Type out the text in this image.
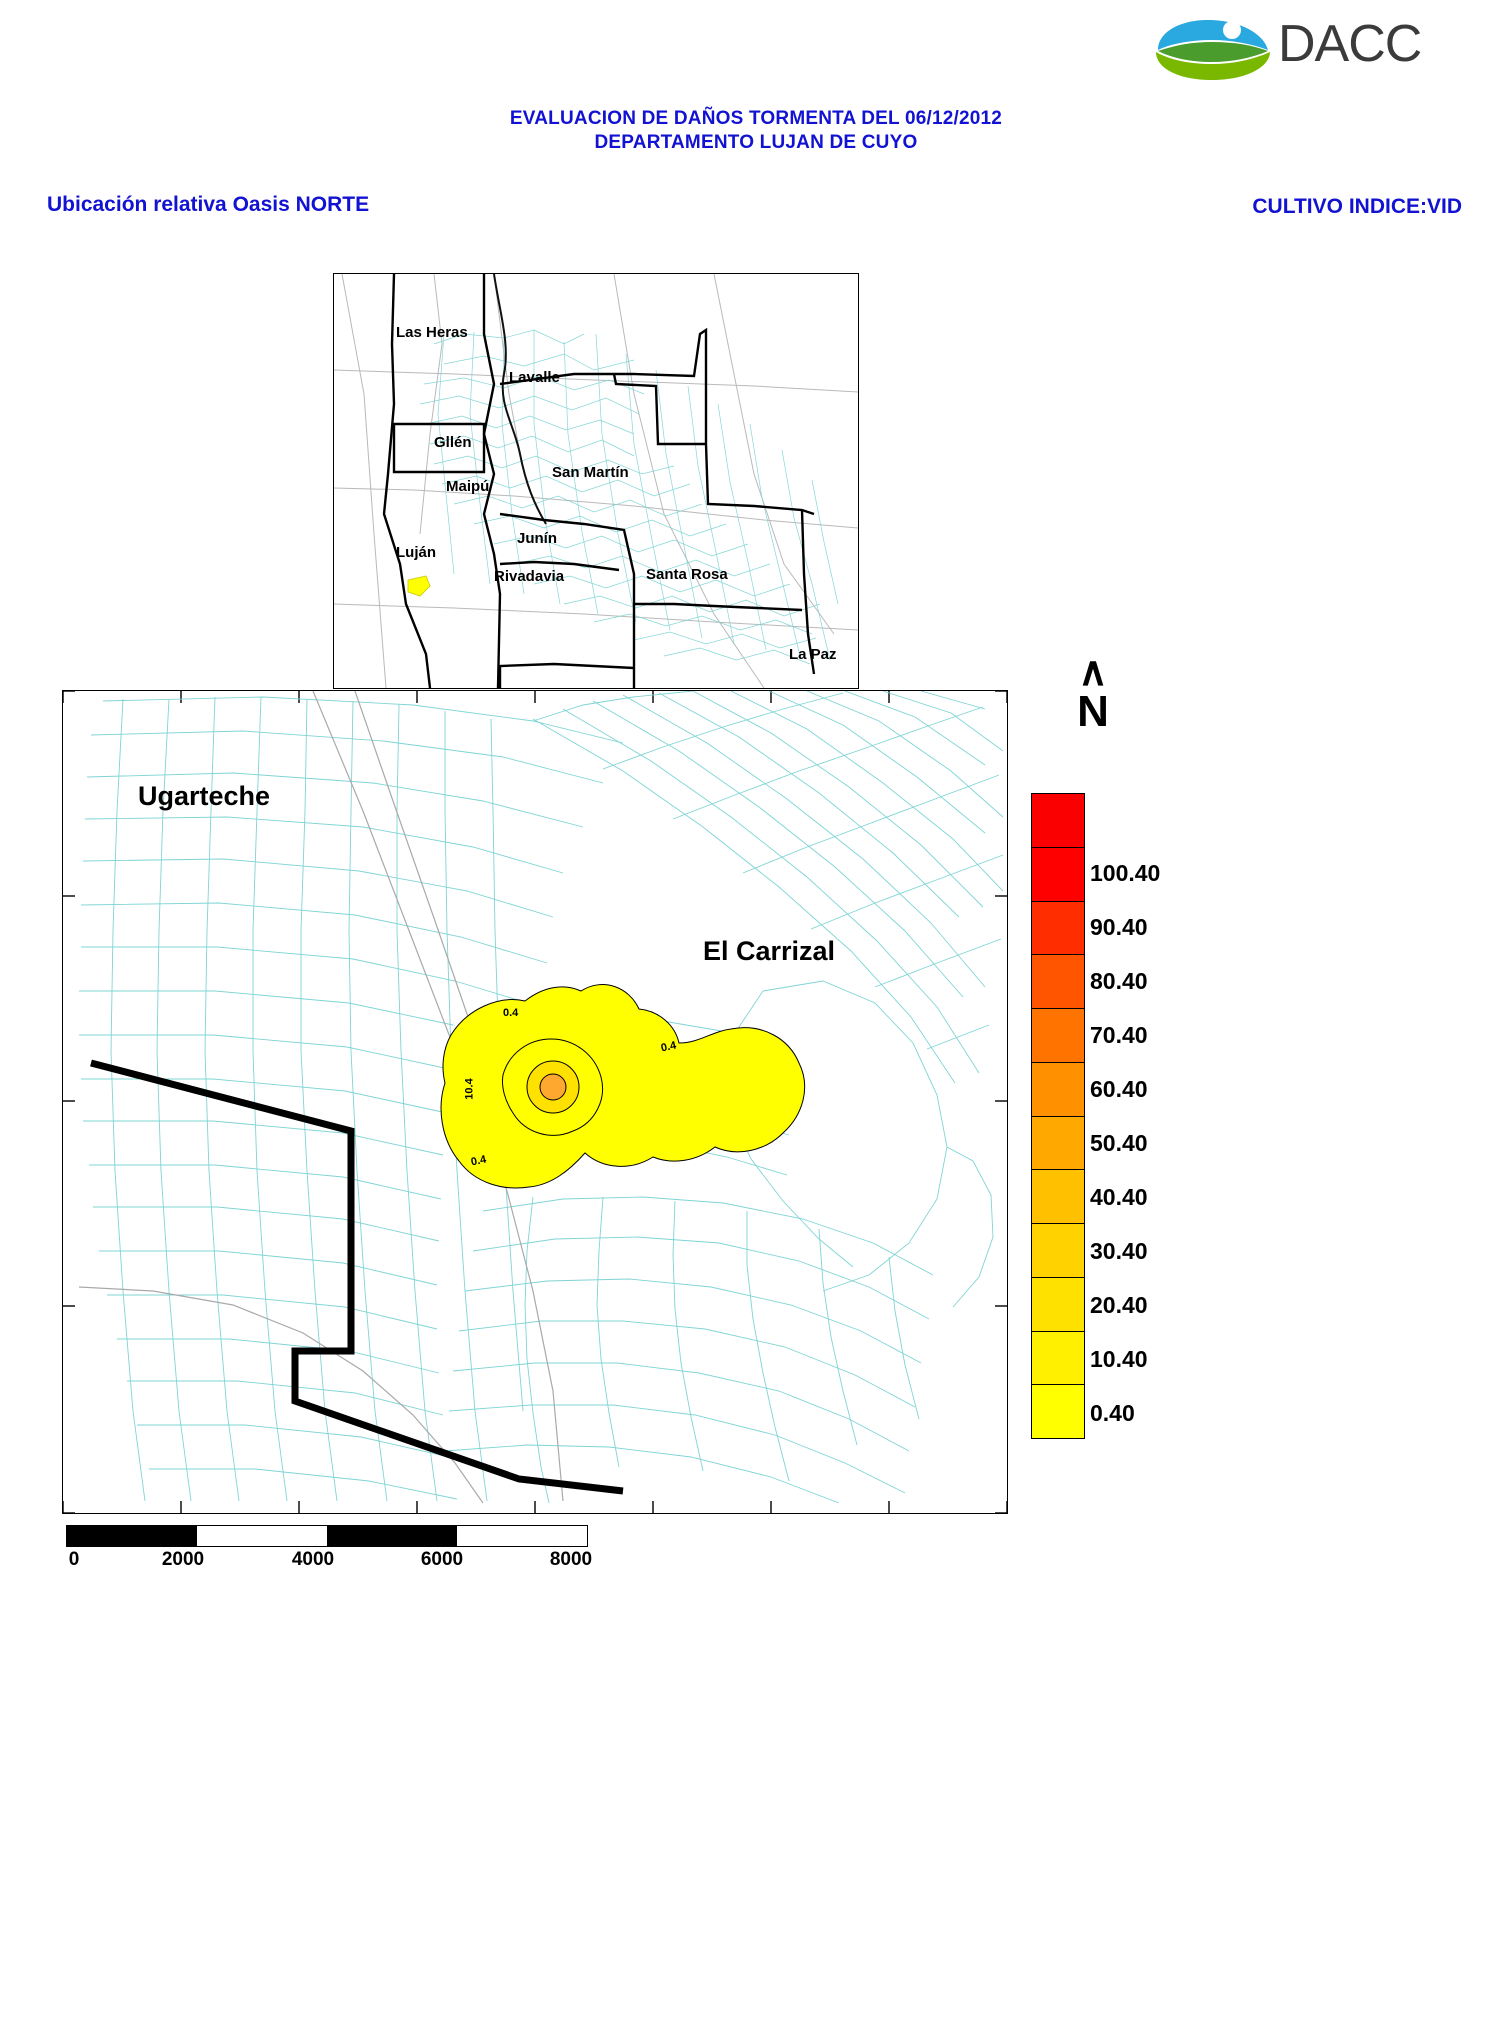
DACC
EVALUACION DE DAÑOS TORMENTA DEL 06/12/2012
DEPARTAMENTO LUJAN DE CUYO
Ubicación relativa Oasis NORTE	CULTIVO INDICE:VID
Las Heras
Lavalle
Gllén
Maipú
San Martín
Junín
Luján
Rivadavia	Santa Rosa
La Paz
Ugarteche
El Carrizal
0.4
10.4
0.4
0.4
∧
N
0.40
10.40
20.40
30.40
40.40
50.40
60.40
70.40
80.40
90.40
100.40
0	2000	4000	6000	8000
